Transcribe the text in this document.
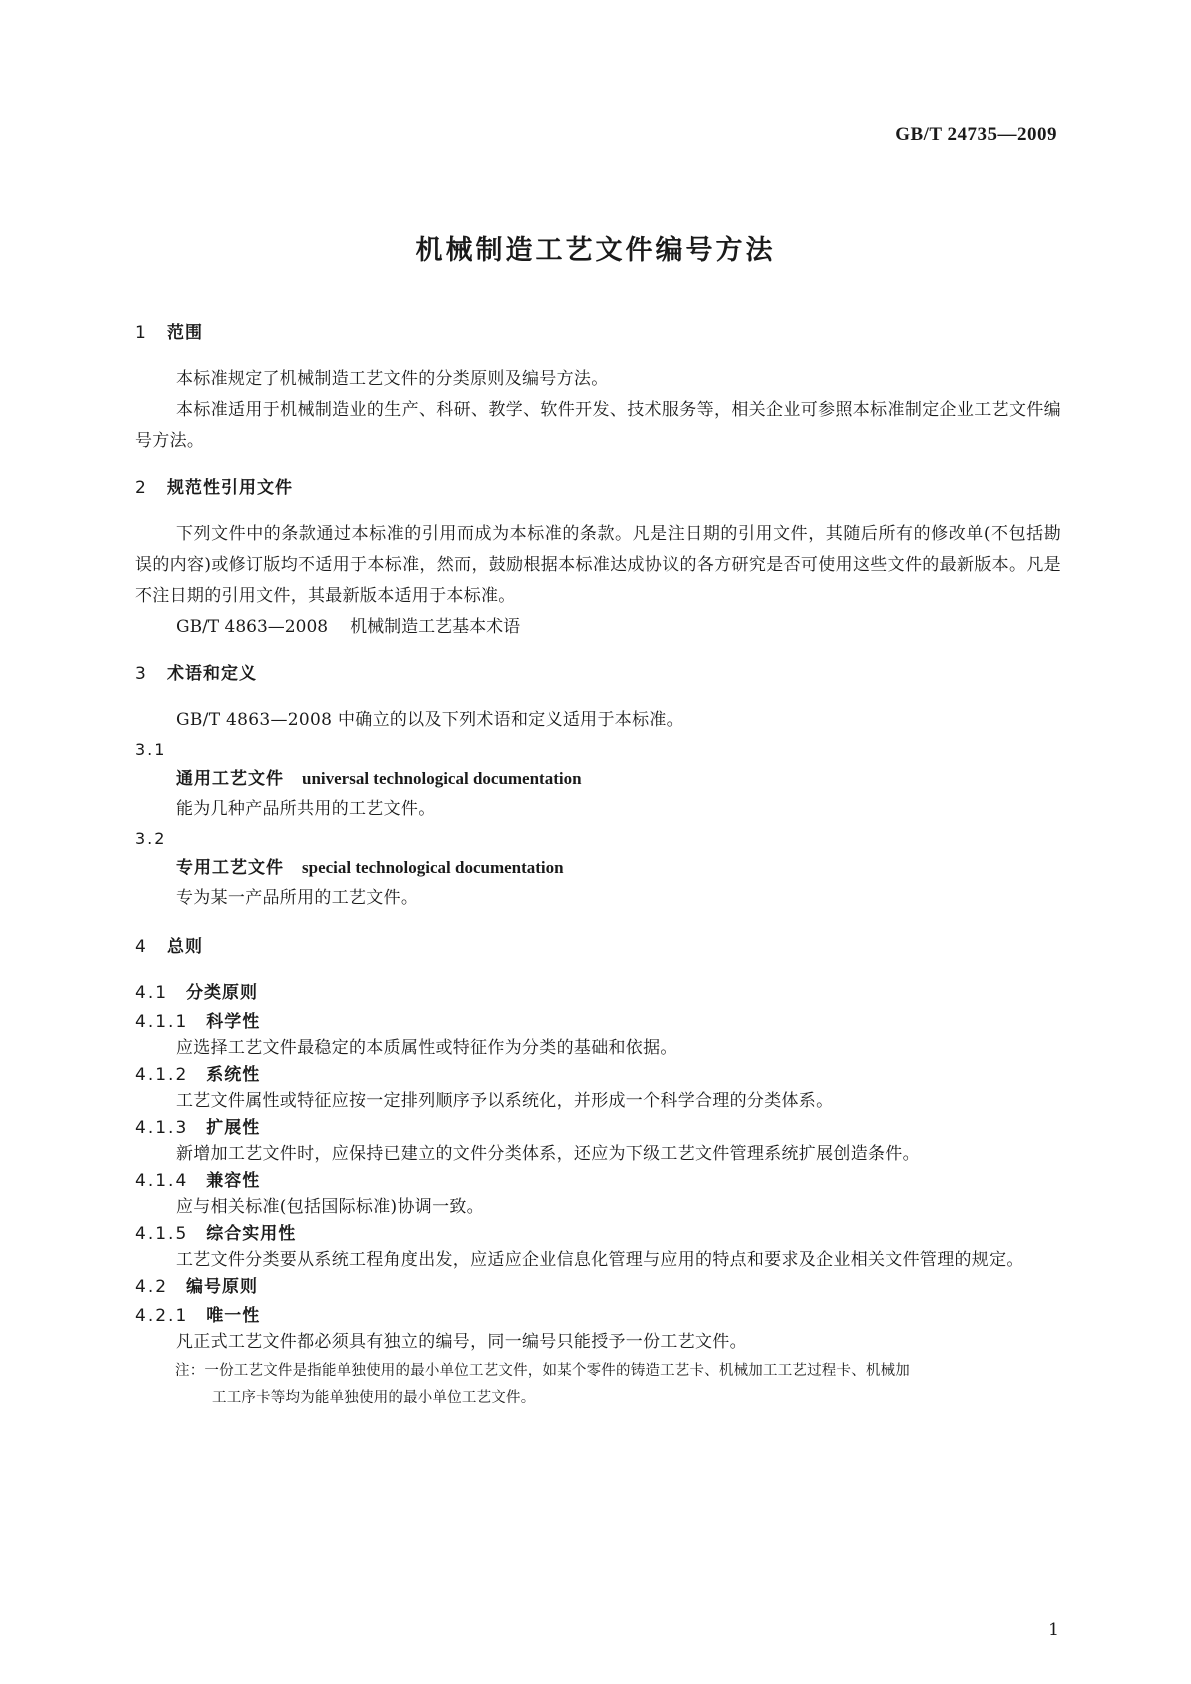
GB/T 24735—2009
机械制造工艺文件编号方法
1 范围

本标准规定了机械制造工艺文件的分类原则及编号方法。

本标准适用于机械制造业的生产、科研、教学、软件开发、技术服务等，相关企业可参照本标准制定企业工艺文件编号方法。

2 规范性引用文件

下列文件中的条款通过本标准的引用而成为本标准的条款。凡是注日期的引用文件，其随后所有的修改单(不包括勘误的内容)或修订版均不适用于本标准，然而，鼓励根据本标准达成协议的各方研究是否可使用这些文件的最新版本。凡是不注日期的引用文件，其最新版本适用于本标准。

GB/T 4863—2008 机械制造工艺基本术语
3 术语和定义

GB/T 4863—2008 中确立的以及下列术语和定义适用于本标准。

3.1
通用工艺文件 universal technological documentation

能为几种产品所共用的工艺文件。

3.2
专用工艺文件 special technological documentation

专为某一产品所用的工艺文件。

4 总则
4.1 分类原则
4.1.1 科学性

应选择工艺文件最稳定的本质属性或特征作为分类的基础和依据。

4.1.2 系统性

工艺文件属性或特征应按一定排列顺序予以系统化，并形成一个科学合理的分类体系。

4.1.3 扩展性

新增加工艺文件时，应保持已建立的文件分类体系，还应为下级工艺文件管理系统扩展创造条件。

4.1.4 兼容性

应与相关标准(包括国际标准)协调一致。

4.1.5 综合实用性

工艺文件分类要从系统工程角度出发，应适应企业信息化管理与应用的特点和要求及企业相关文件管理的规定。

4.2 编号原则
4.2.1 唯一性

凡正式工艺文件都必须具有独立的编号，同一编号只能授予一份工艺文件。

注：一份工艺文件是指能单独使用的最小单位工艺文件，如某个零件的铸造工艺卡、机械加工工艺过程卡、机械加
工工序卡等均为能单独使用的最小单位工艺文件。
1
